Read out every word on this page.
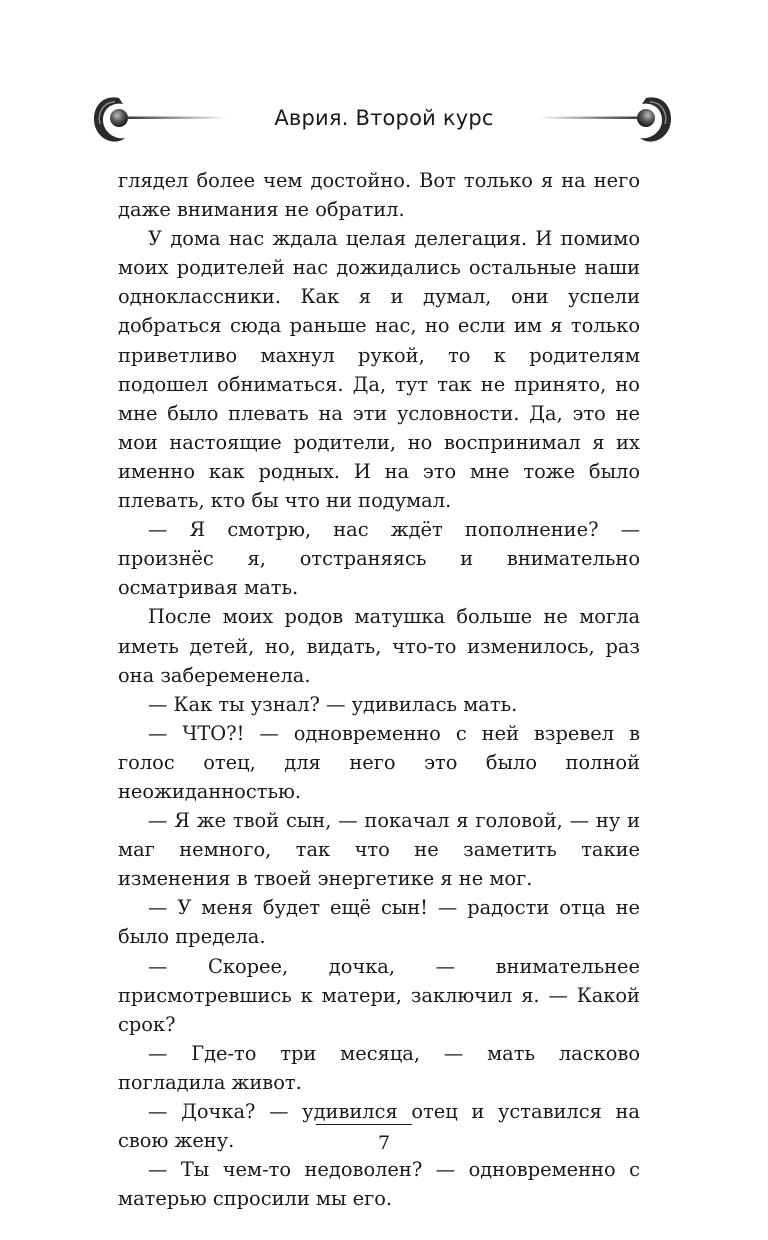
Аврия. Второй курс

глядел более чем достойно. Вот только я на него даже внимания не обратил.

У дома нас ждала целая делегация. И помимо моих родителей нас дожидались остальные наши одноклассники. Как я и думал, они успели добраться сюда раньше нас, но если им я только приветливо махнул рукой, то к родителям подошел обниматься. Да, тут так не принято, но мне было плевать на эти условности. Да, это не мои настоящие родители, но воспринимал я их именно как родных. И на это мне тоже было плевать, кто бы что ни подумал.

— Я смотрю, нас ждёт пополнение? — произнёс я, отстраняясь и внимательно осматривая мать.

После моих родов матушка больше не могла иметь детей, но, видать, что-то изменилось, раз она забеременела.

— Как ты узнал? — удивилась мать.

— ЧТО?! — одновременно с ней взревел в голос отец, для него это было полной неожиданностью.

— Я же твой сын, — покачал я головой, — ну и маг немного, так что не заметить такие изменения в твоей энергетике я не мог.

— У меня будет ещё сын! — радости отца не было предела.

— Скорее, дочка, — внимательнее присмотревшись к матери, заключил я. — Какой срок?

— Где-то три месяца, — мать ласково погладила живот.

— Дочка? — удивился отец и уставился на свою жену.

— Ты чем-то недоволен? — одновременно с матерью спросили мы его.

7
